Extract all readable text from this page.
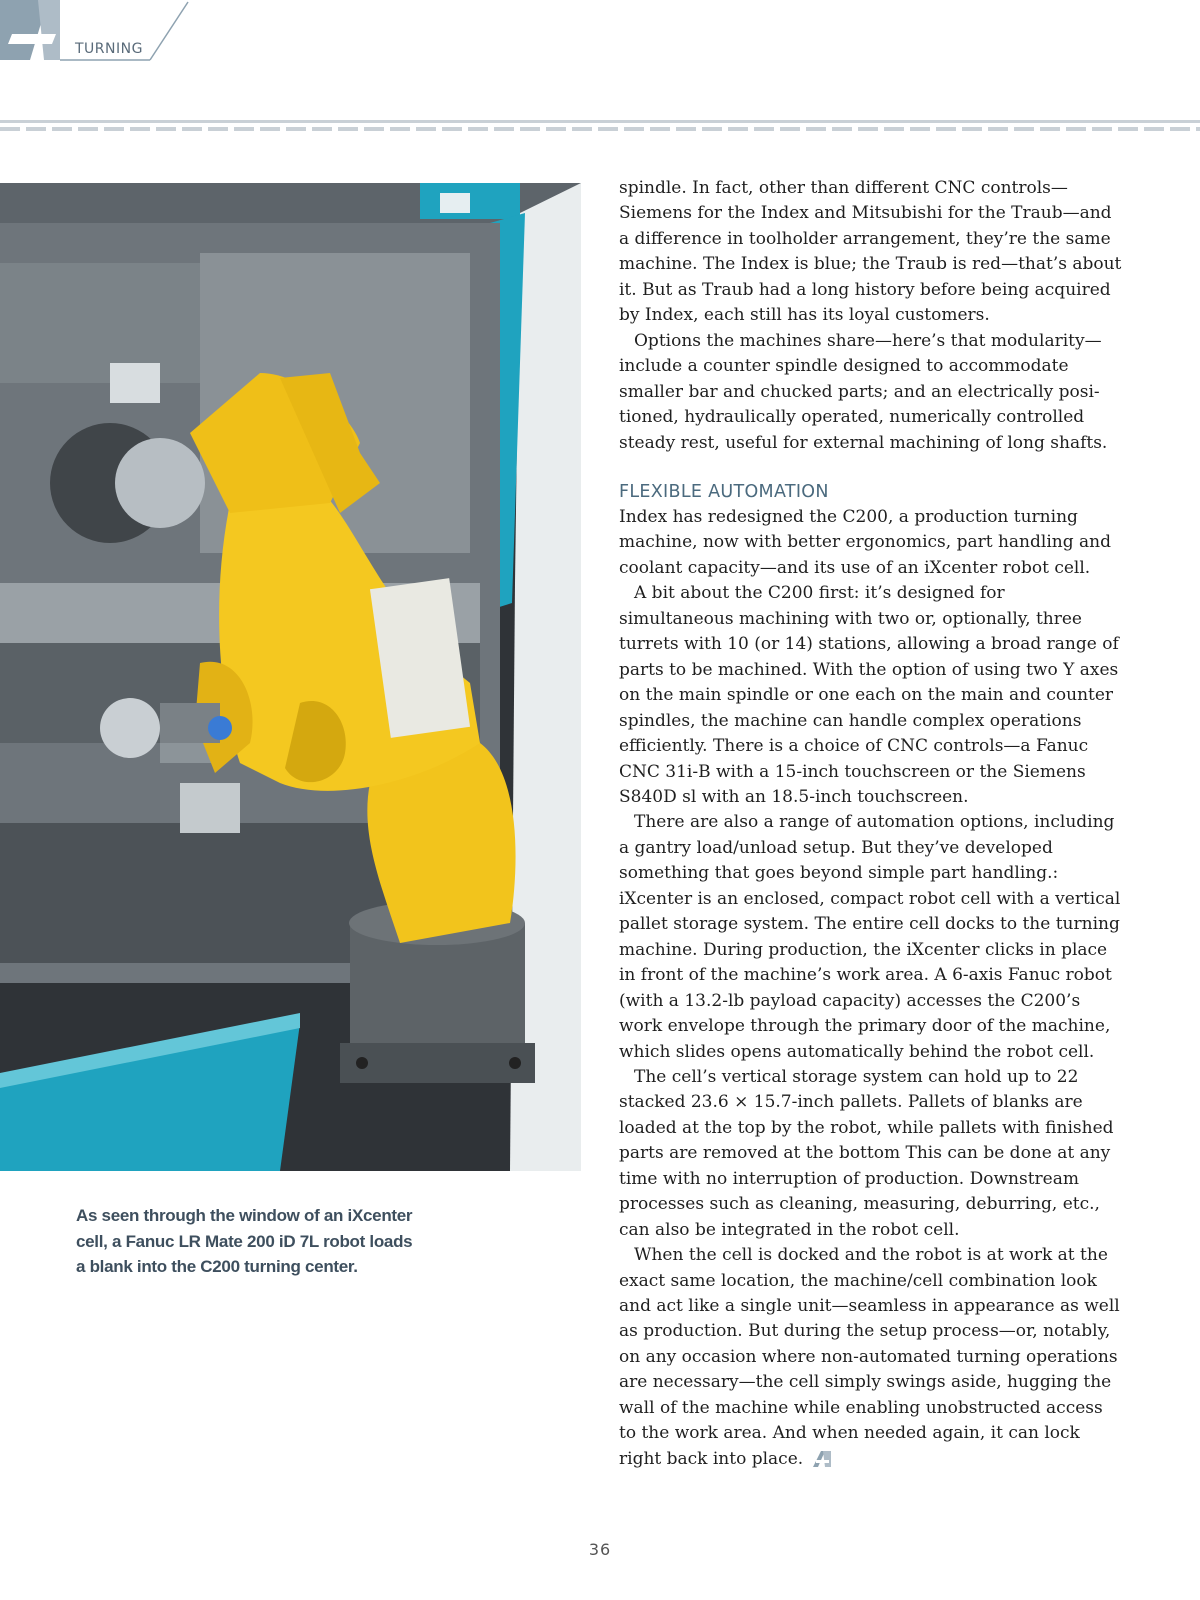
TURNING
As seen through the window of an iXcenter cell, a Fanuc LR Mate 200 iD 7L robot loads a blank into the C200 turning center.

spindle. In fact, other than different CNC controls—Siemens for the Index and Mitsubishi for the Traub—and a difference in toolholder arrangement, they’re the same machine. The Index is blue; the Traub is red—that’s about it. But as Traub had a long history before being acquired by Index, each still has its loyal customers.

Options the machines share—here’s that modularity—include a counter spindle designed to accommodate smaller bar and chucked parts; and an electrically posi-tioned, hydraulically operated, numerically controlled steady rest, useful for external machining of long shafts.

FLEXIBLE AUTOMATION

Index has redesigned the C200, a production turning machine, now with better ergonomics, part handling and coolant capacity—and its use of an iXcenter robot cell.

A bit about the C200 first: it’s designed for simultaneous machining with two or, optionally, three turrets with 10 (or 14) stations, allowing a broad range of parts to be machined. With the option of using two Y axes on the main spindle or one each on the main and counter spindles, the machine can handle complex operations efficiently. There is a choice of CNC controls—a Fanuc CNC 31i-B with a 15-inch touchscreen or the Siemens S840D sl with an 18.5-inch touchscreen.

There are also a range of automation options, including a gantry load/unload setup. But they’ve developed something that goes beyond simple part handling.: iXcenter is an enclosed, compact robot cell with a vertical pallet storage system. The entire cell docks to the turning machine. During production, the iXcenter clicks in place in front of the machine’s work area. A 6-axis Fanuc robot (with a 13.2-lb payload capacity) accesses the C200’s work envelope through the primary door of the machine, which slides opens automatically behind the robot cell.

The cell’s vertical storage system can hold up to 22 stacked 23.6 × 15.7-inch pallets. Pallets of blanks are loaded at the top by the robot, while pallets with finished parts are removed at the bottom This can be done at any time with no interruption of production. Downstream processes such as cleaning, measuring, deburring, etc., can also be integrated in the robot cell.

When the cell is docked and the robot is at work at the exact same location, the machine/cell combination look and act like a single unit—seamless in appearance as well as production. But during the setup process—or, notably, on any occasion where non-automated turning operations are necessary—the cell simply swings aside, hugging the wall of the machine while enabling unobstructed access to the work area. And when needed again, it can lock right back into place.

36
